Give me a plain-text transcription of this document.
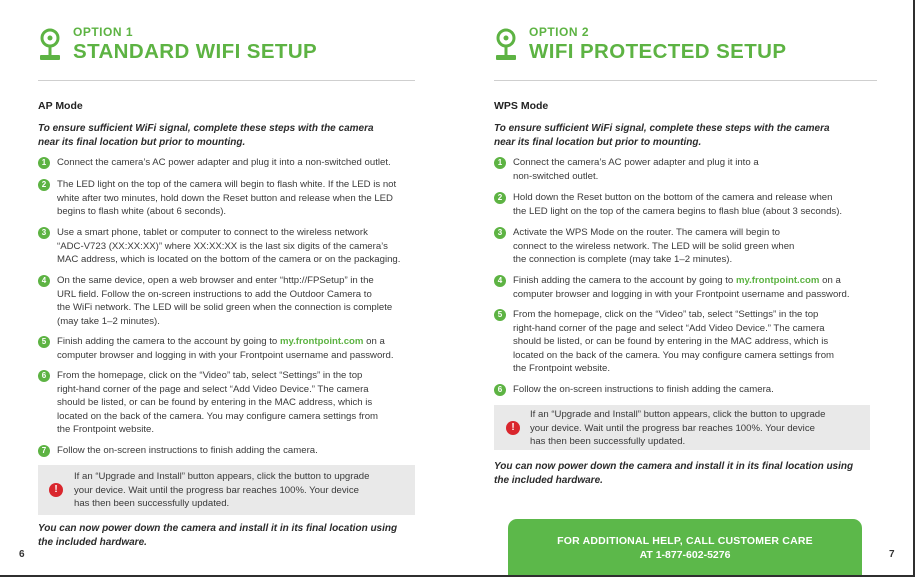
OPTION 1
STANDARD WIFI SETUP
AP Mode
To ensure sufficient WiFi signal, complete these steps with the camera
near its final location but prior to mounting.
1	Connect the camera’s AC power adapter and plug it into a non-switched outlet.
2	The LED light on the top of the camera will begin to flash white. If the LED is not
white after two minutes, hold down the Reset button and release when the LED
begins to flash white (about 6 seconds).
3	Use a smart phone, tablet or computer to connect to the wireless network
“ADC-V723 (XX:XX:XX)” where XX:XX:XX is the last six digits of the camera’s
MAC address, which is located on the bottom of the camera or on the packaging.
4	On the same device, open a web browser and enter “http://FPSetup” in the
URL field. Follow the on-screen instructions to add the Outdoor Camera to
the WiFi network. The LED will be solid green when the connection is complete
(may take 1–2 minutes).
5	Finish adding the camera to the account by going to my.frontpoint.com on a
computer browser and logging in with your Frontpoint username and password.
6	From the homepage, click on the “Video” tab, select “Settings” in the top
right-hand corner of the page and select “Add Video Device.” The camera
should be listed, or can be found by entering in the MAC address, which is
located on the back of the camera. You may configure camera settings from
the Frontpoint website.
7	Follow the on-screen instructions to finish adding the camera.
!
If an “Upgrade and Install” button appears, click the button to upgrade
your device. Wait until the progress bar reaches 100%. Your device
has then been successfully updated.
You can now power down the camera and install it in its final location using
the included hardware.
6
OPTION 2
WIFI PROTECTED SETUP
WPS Mode
To ensure sufficient WiFi signal, complete these steps with the camera
near its final location but prior to mounting.
1	Connect the camera’s AC power adapter and plug it into a
non-switched outlet.
2	Hold down the Reset button on the bottom of the camera and release when
the LED light on the top of the camera begins to flash blue (about 3 seconds).
3	Activate the WPS Mode on the router. The camera will begin to
connect to the wireless network. The LED will be solid green when
the connection is complete (may take 1–2 minutes).
4	Finish adding the camera to the account by going to my.frontpoint.com on a
computer browser and logging in with your Frontpoint username and password.
5	From the homepage, click on the “Video” tab, select “Settings” in the top
right-hand corner of the page and select “Add Video Device.” The camera
should be listed, or can be found by entering in the MAC address, which is
located on the back of the camera. You may configure camera settings from
the Frontpoint website.
6	Follow the on-screen instructions to finish adding the camera.
!
If an “Upgrade and Install” button appears, click the button to upgrade
your device. Wait until the progress bar reaches 100%. Your device
has then been successfully updated.
You can now power down the camera and install it in its final location using
the included hardware.
FOR ADDITIONAL HELP, CALL CUSTOMER CARE
AT 1-877-602-5276	7
